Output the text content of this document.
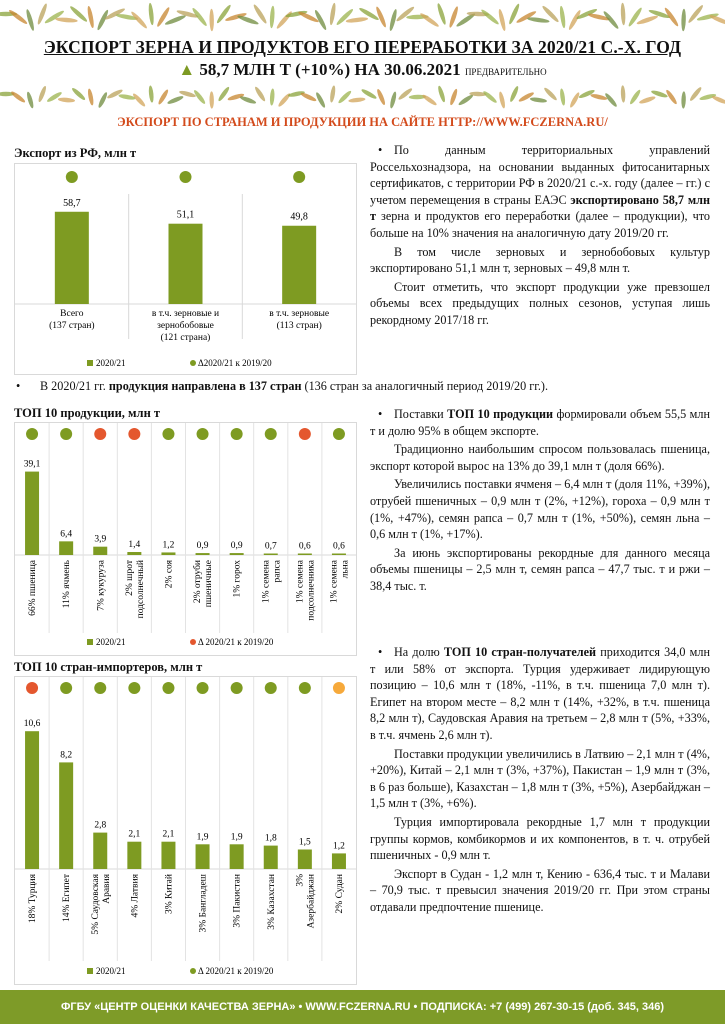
ЭКСПОРТ ЗЕРНА И ПРОДУКТОВ ЕГО ПЕРЕРАБОТКИ ЗА 2020/21 С.-Х. ГОД
▲ 58,7 МЛН Т (+10%) НА 30.06.2021 ПРЕДВАРИТЕЛЬНО
ЭКСПОРТ ПО СТРАНАМ И ПРОДУКЦИИ НА САЙТЕ HTTP://WWW.FCZERNA.RU/
Экспорт из РФ, млн т
58,7
Всего
(137 стран)
51,1
в т.ч. зерновые и
зернобобовые
(121 страна)
49,8
в т.ч. зерновые
(113 стран)
2020/21	Δ2020/21 к 2019/20
ТОП 10 продукции, млн т
39,1
66% пшеница
6,4
11% ячмень
3,9
7% кукуруза
1,4
2% шрот подсолнечный
1,2
2% соя
0,9
2% отруби пшеничные
0,9
1% горох
0,7
1% семена рапса
0,6
1% семена подсолнечника
0,6
1% семена льна
2020/21	Δ 2020/21 к 2019/20
ТОП 10 стран-импортеров, млн т
10,6
18% Турция
8,2
14% Египет
2,8
5% Саудовская Аравия
2,1
4% Латвия
2,1
3% Китай
1,9
3% Бангладеш
1,9
3% Пакистан
1,8
3% Казахстан
1,5
3% Азербайджан
1,2
2% Судан
2020/21	Δ 2020/21 к 2019/20

• По данным территориальных управлений Россельхознадзора, на основании выданных фитосанитарных сертификатов, с территории РФ в 2020/21 с.-х. году (далее – гг.) с учетом перемещения в страны ЕАЭС экспортировано 58,7 млн т зерна и продуктов его переработки (далее – продукции), что больше на 10% значения на аналогичную дату 2019/20 гг.

В том числе зерновых и зернобобовых культур экспортировано 51,1 млн т, зерновых – 49,8 млн т.

Стоит отметить, что экспорт продукции уже превзошел объемы всех предыдущих полных сезонов, уступая лишь рекордному 2017/18 гг.

• В 2020/21 гг. продукция направлена в 137 стран (136 стран за аналогичный период 2019/20 гг.).

• Поставки ТОП 10 продукции формировали объем 55,5 млн т и долю 95% в общем экспорте.

Традиционно наибольшим спросом пользовалась пшеница, экспорт которой вырос на 13% до 39,1 млн т (доля 66%).

Увеличились поставки ячменя – 6,4 млн т (доля 11%, +39%), отрубей пшеничных – 0,9 млн т (2%, +12%), гороха – 0,9 млн т (1%, +47%), семян рапса – 0,7 млн т (1%, +50%), семян льна – 0,6 млн т (1%, +17%).

За июнь экспортированы рекордные для данного месяца объемы пшеницы – 2,5 млн т, семян рапса – 47,7 тыс. т и ржи – 38,4 тыс. т.

• На долю ТОП 10 стран-получателей приходится 34,0 млн т или 58% от экспорта. Турция удерживает лидирующую позицию – 10,6 млн т (18%, -11%, в т.ч. пшеница 7,0 млн т). Египет на втором месте – 8,2 млн т (14%, +32%, в т.ч. пшеница 8,2 млн т), Саудовская Аравия на третьем – 2,8 млн т (5%, +33%, в т.ч. ячмень 2,6 млн т).

Поставки продукции увеличились в Латвию – 2,1 млн т (4%, +20%), Китай – 2,1 млн т (3%, +37%), Пакистан – 1,9 млн т (3%, в 6 раз больше), Казахстан – 1,8 млн т (3%, +5%), Азербайджан – 1,5 млн т (3%, +6%).

Турция импортировала рекордные 1,7 млн т продукции группы кормов, комбикормов и их компонентов, в т. ч. отрубей пшеничных - 0,9 млн т.

Экспорт в Судан - 1,2 млн т, Кению - 636,4 тыс. т и Малави – 70,9 тыс. т превысил значения 2019/20 гг. При этом страны отдавали предпочтение пшенице.

ФГБУ «ЦЕНТР ОЦЕНКИ КАЧЕСТВА ЗЕРНА» • WWW.FCZERNA.RU • ПОДПИСКА: +7 (499) 267-30-15 (доб. 345, 346)
